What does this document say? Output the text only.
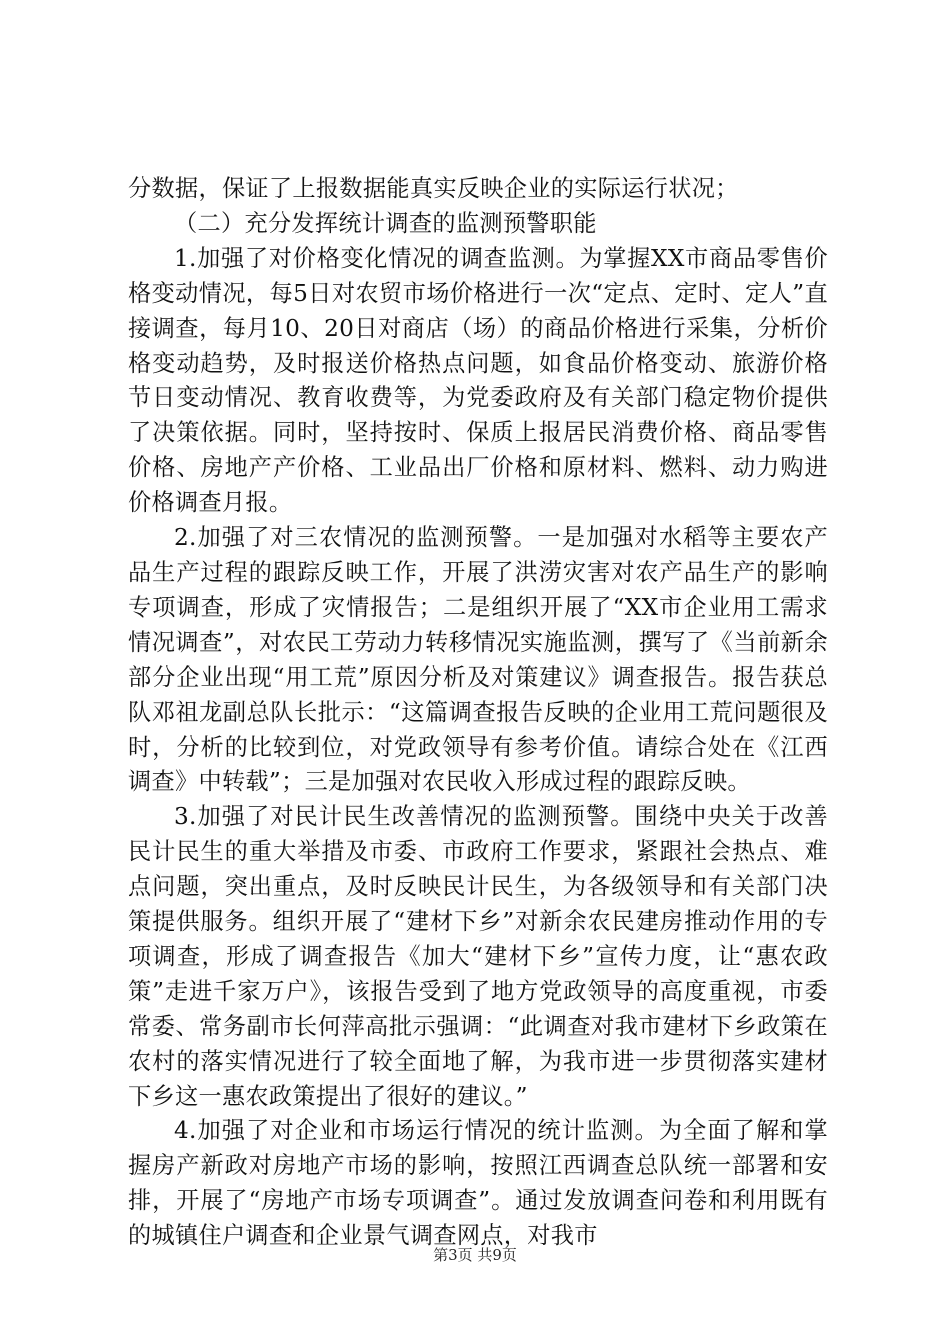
分数据，保证了上报数据能真实反映企业的实际运行状况；

（二）充分发挥统计调查的监测预警职能

1.加强了对价格变化情况的调查监测。为掌握XX市商品零售价格变动情况，每5日对农贸市场价格进行一次“定点、定时、定人”直接调查，每月10、20日对商店（场）的商品价格进行采集，分析价格变动趋势，及时报送价格热点问题，如食品价格变动、旅游价格节日变动情况、教育收费等，为党委政府及有关部门稳定物价提供了决策依据。同时，坚持按时、保质上报居民消费价格、商品零售价格、房地产产价格、工业品出厂价格和原材料、燃料、动力购进价格调查月报。

2.加强了对三农情况的监测预警。一是加强对水稻等主要农产品生产过程的跟踪反映工作，开展了洪涝灾害对农产品生产的影响专项调查，形成了灾情报告；二是组织开展了“XX市企业用工需求情况调查”，对农民工劳动力转移情况实施监测，撰写了《当前新余部分企业出现“用工荒”原因分析及对策建议》调查报告。报告获总队邓祖龙副总队长批示：“这篇调查报告反映的企业用工荒问题很及时，分析的比较到位，对党政领导有参考价值。请综合处在《江西调查》中转载”；三是加强对农民收入形成过程的跟踪反映。

3.加强了对民计民生改善情况的监测预警。围绕中央关于改善民计民生的重大举措及市委、市政府工作要求，紧跟社会热点、难点问题，突出重点，及时反映民计民生，为各级领导和有关部门决策提供服务。组织开展了“建材下乡”对新余农民建房推动作用的专项调查，形成了调查报告《加大“建材下乡”宣传力度，让“惠农政策”走进千家万户》，该报告受到了地方党政领导的高度重视，市委常委、常务副市长何萍高批示强调：“此调查对我市建材下乡政策在农村的落实情况进行了较全面地了解，为我市进一步贯彻落实建材下乡这一惠农政策提出了很好的建议。”

4.加强了对企业和市场运行情况的统计监测。为全面了解和掌握房产新政对房地产市场的影响，按照江西调查总队统一部署和安排，开展了“房地产市场专项调查”。通过发放调查问卷和利用既有的城镇住户调查和企业景气调查网点，对我市

第3页 共9页
